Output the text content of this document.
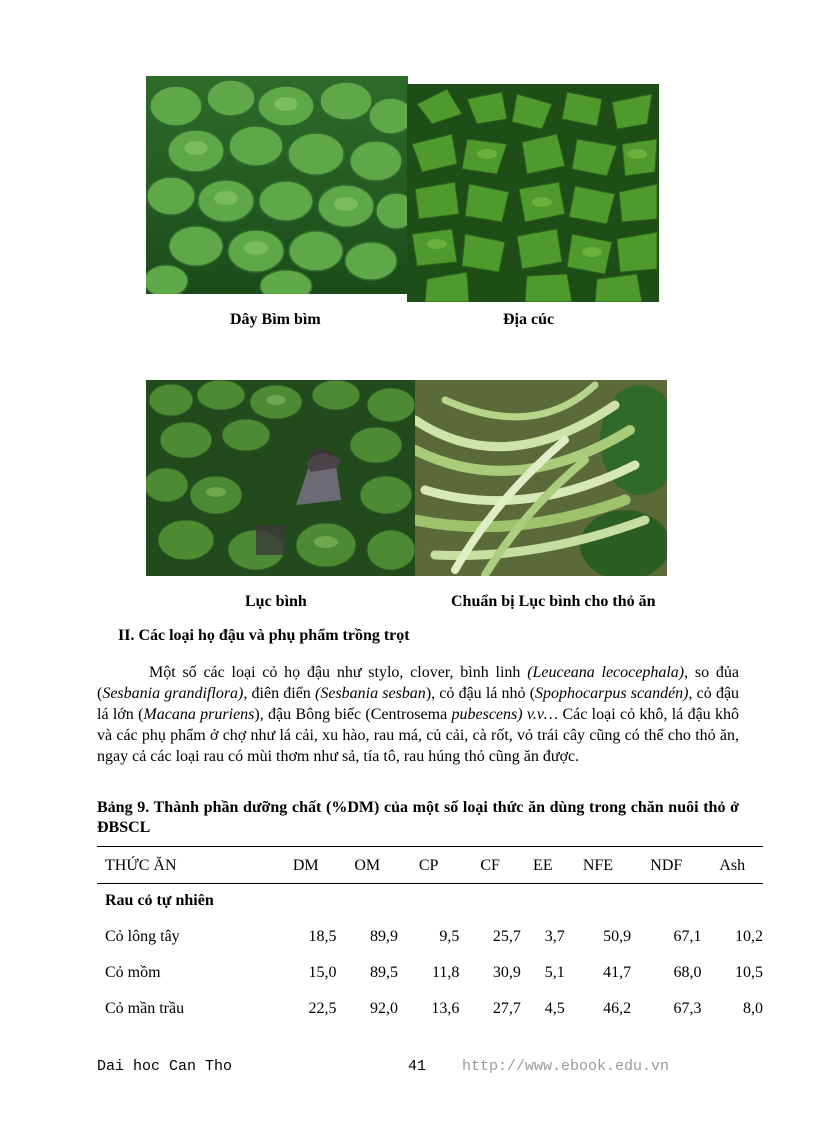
Dây Bìm bìm	Địa cúc
Lục bình	Chuẩn bị Lục bình cho thỏ ăn
II. Các loại họ đậu và phụ phẩm trồng trọt

Một số các loại cỏ họ đậu như stylo, clover, bình linh (Leuceana lecocephala), so đủa (Sesbania grandiflora), điên điển (Sesbania sesban), cỏ đậu lá nhỏ (Spophocarpus scandén), cỏ đậu lá lớn (Macana pruriens), đậu Bông biếc (Centrosema pubescens) v.v… Các loại cỏ khô, lá đậu khô và các phụ phẩm ở chợ như lá cải, xu hào, rau má, củ cải, cà rốt, vỏ trái cây cũng có thể cho thỏ ăn, ngay cả các loại rau có mùi thơm như sả, tía tô, rau húng thỏ cũng ăn được.

Bảng 9. Thành phần dưỡng chất (%DM) của một số loại thức ăn dùng trong chăn nuôi thỏ ở ĐBSCL

THỨC ĂN	DM	OM	CP	CF	EE	NFE	NDF	Ash
Rau cỏ tự nhiên								
Cỏ lông tây	18,5	89,9	9,5	25,7	3,7	50,9	67,1	10,2
Cỏ mồm	15,0	89,5	11,8	30,9	5,1	41,7	68,0	10,5
Cỏ mần trầu	22,5	92,0	13,6	27,7	4,5	46,2	67,3	8,0
Dai hoc Can Tho	41 http://www.ebook.edu.vn
